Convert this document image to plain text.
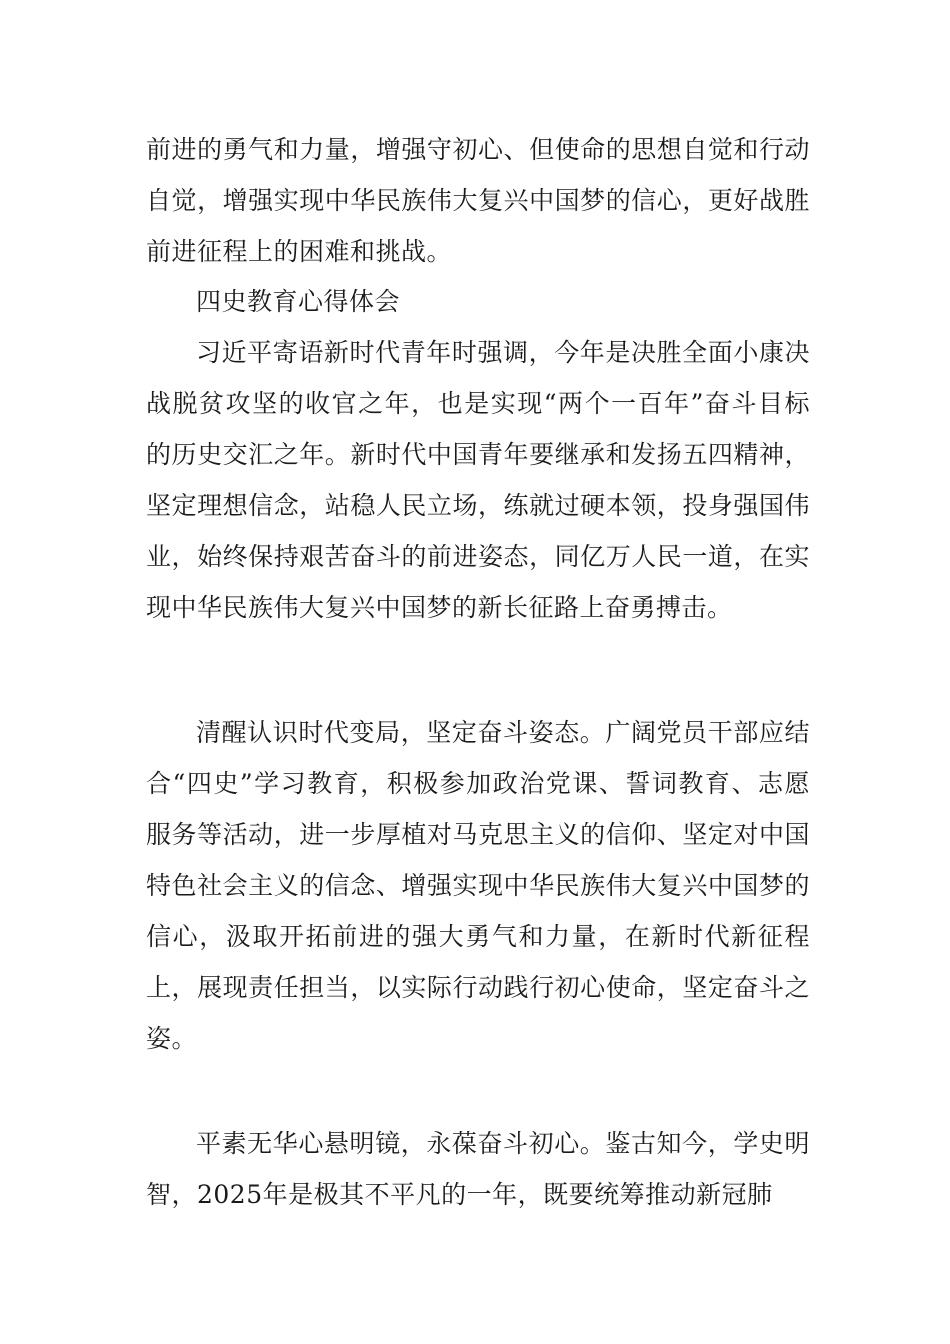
前进的勇气和力量，增强守初心、但使命的思想自觉和行动自觉，增强实现中华民族伟大复兴中国梦的信心，更好战胜前进征程上的困难和挑战。

四史教育心得体会

习近平寄语新时代青年时强调，今年是决胜全面小康决战脱贫攻坚的收官之年，也是实现“两个一百年”奋斗目标的历史交汇之年。新时代中国青年要继承和发扬五四精神，坚定理想信念，站稳人民立场，练就过硬本领，投身强国伟业，始终保持艰苦奋斗的前进姿态，同亿万人民一道，在实现中华民族伟大复兴中国梦的新长征路上奋勇搏击。

清醒认识时代变局，坚定奋斗姿态。广阔党员干部应结合“四史”学习教育，积极参加政治党课、誓词教育、志愿服务等活动，进一步厚植对马克思主义的信仰、坚定对中国特色社会主义的信念、增强实现中华民族伟大复兴中国梦的信心，汲取开拓前进的强大勇气和力量，在新时代新征程上，展现责任担当，以实际行动践行初心使命，坚定奋斗之姿。

平素无华心悬明镜，永葆奋斗初心。鉴古知今，学史明智，2025年是极其不平凡的一年，既要统筹推动新冠肺
